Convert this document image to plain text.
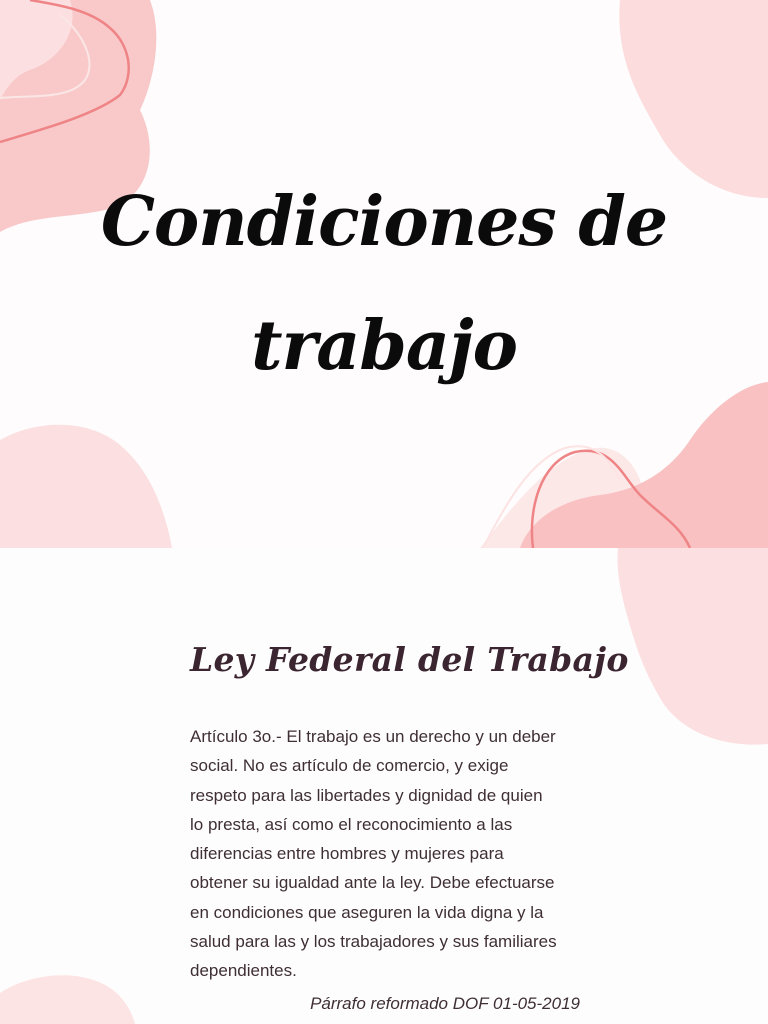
Condiciones de
trabajo
Ley Federal del Trabajo

Artículo 3o.- El trabajo es un derecho y un deber
social. No es artículo de comercio, y exige
respeto para las libertades y dignidad de quien
lo presta, así como el reconocimiento a las
diferencias entre hombres y mujeres para
obtener su igualdad ante la ley. Debe efectuarse
en condiciones que aseguren la vida digna y la
salud para las y los trabajadores y sus familiares
dependientes.

Párrafo reformado DOF 01-05-2019
